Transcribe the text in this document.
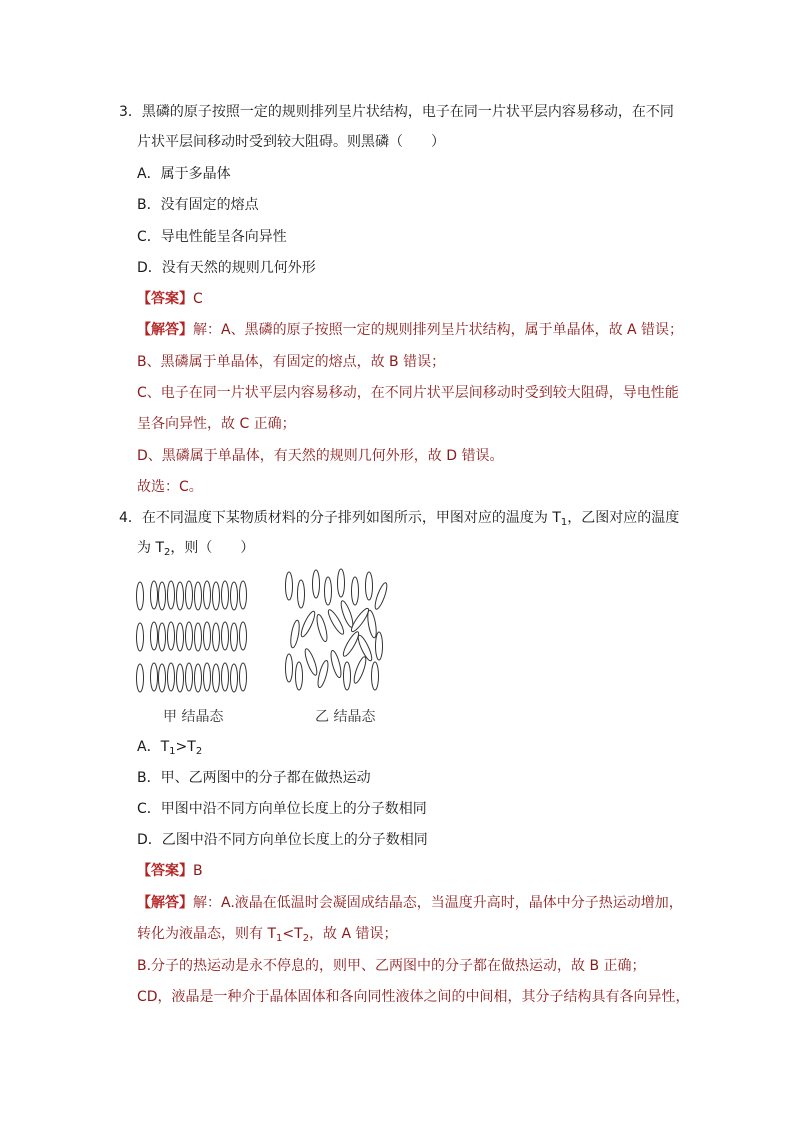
3．黑磷的原子按照一定的规则排列呈片状结构，电子在同一片状平层内容易移动，在不同
片状平层间移动时受到较大阻碍。则黑磷（　　）
A．属于多晶体
B．没有固定的熔点
C．导电性能呈各向异性
D．没有天然的规则几何外形
【答案】C
【解答】解：A、黑磷的原子按照一定的规则排列呈片状结构，属于单晶体，故 A 错误；
B、黑磷属于单晶体，有固定的熔点，故 B 错误；
C、电子在同一片状平层内容易移动，在不同片状平层间移动时受到较大阻碍，导电性能
呈各向异性，故 C 正确；
D、黑磷属于单晶体，有天然的规则几何外形，故 D 错误。
故选：C。
4．在不同温度下某物质材料的分子排列如图所示，甲图对应的温度为 $T_1$，乙图对应的温度
为 $T_2$，则（　　）
甲 结晶态	乙 结晶态
A．$T_1>T_2$
B．甲、乙两图中的分子都在做热运动
C．甲图中沿不同方向单位长度上的分子数相同
D．乙图中沿不同方向单位长度上的分子数相同
【答案】B
【解答】解：A.液晶在低温时会凝固成结晶态，当温度升高时，晶体中分子热运动增加，
转化为液晶态，则有 $T_1<T_2$，故 A 错误；
B.分子的热运动是永不停息的，则甲、乙两图中的分子都在做热运动，故 B 正确；
CD，液晶是一种介于晶体固体和各向同性液体之间的中间相，其分子结构具有各向异性，
